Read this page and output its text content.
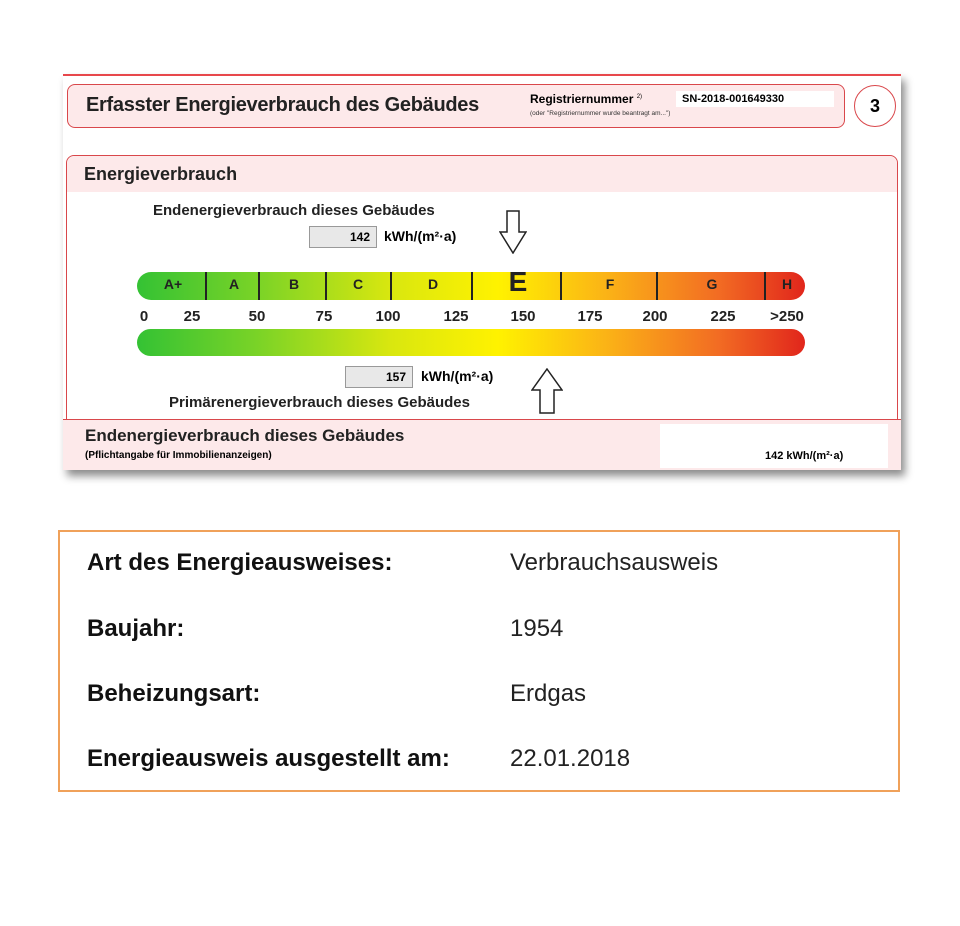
Erfasster Energieverbrauch des Gebäudes	Registriernummer $^{2)}$
(oder "Registriernummer wurde beantragt am...")
SN-2018-001649330	3
Energieverbrauch
Endenergieverbrauch dieses Gebäudes
142	kWh/(m²·a)
A+	A	B	C	D	E	F	G	H
0 25	50	75	100	125	150	175	200	225 >250
157	kWh/(m²·a)
Primärenergieverbrauch dieses Gebäudes
Endenergieverbrauch dieses Gebäudes
(Pflichtangabe für Immobilienanzeigen)	142 kWh/(m²·a)
Art des Energieausweises:	Verbrauchsausweis
Baujahr:	1954
Beheizungsart:	Erdgas
Energieausweis ausgestellt am:	22.01.2018
